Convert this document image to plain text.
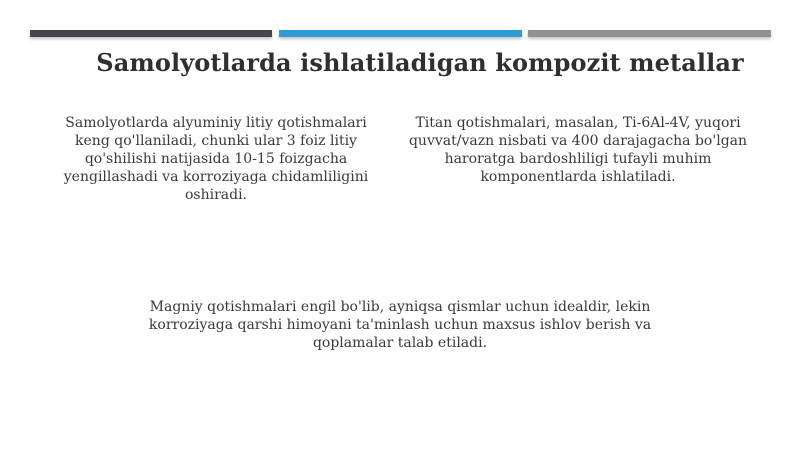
Samolyotlarda ishlatiladigan kompozit metallar

Samolyotlarda alyuminiy litiy qotishmalari keng qo'llaniladi, chunki ular 3 foiz litiy qo'shilishi natijasida 10-15 foizgacha yengillashadi va korroziyaga chidamliligini oshiradi.

Titan qotishmalari, masalan, Ti-6Al-4V, yuqori quvvat/vazn nisbati va 400 darajagacha bo'lgan haroratga bardoshliligi tufayli muhim komponentlarda ishlatiladi.

Magniy qotishmalari engil bo'lib, ayniqsa qismlar uchun idealdir, lekin korroziyaga qarshi himoyani ta'minlash uchun maxsus ishlov berish va qoplamalar talab etiladi.
